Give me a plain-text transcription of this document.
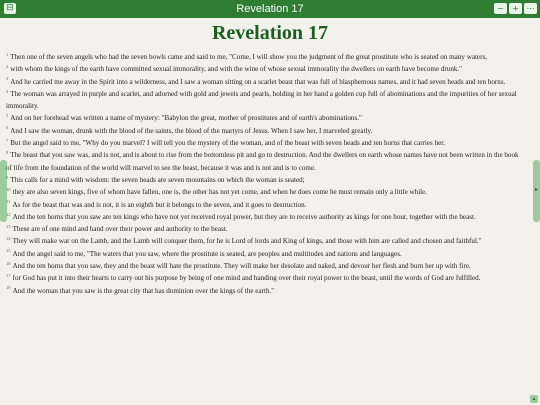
⊟	Revelation 17	−	+ ⋯
Revelation 17
▸
$^1$ Then one of the seven angels who had the seven bowls came and said to me, "Come, I will show you the judgment of the great prostitute who is seated on many waters,
$^2$ with whom the kings of the earth have committed sexual immorality, and with the wine of whose sexual immorality the dwellers on earth have become drunk."
$^3$ And he carried me away in the Spirit into a wilderness, and I saw a woman sitting on a scarlet beast that was full of blasphemous names, and it had seven heads and ten horns.
$^4$ The woman was arrayed in purple and scarlet, and adorned with gold and jewels and pearls, holding in her hand a golden cup full of abominations and the impurities of her sexual immorality.
$^5$ And on her forehead was written a name of mystery: "Babylon the great, mother of prostitutes and of earth's abominations."
$^6$ And I saw the woman, drunk with the blood of the saints, the blood of the martyrs of Jesus. When I saw her, I marveled greatly.
$^7$ But the angel said to me, "Why do you marvel? I will tell you the mystery of the woman, and of the beast with seven heads and ten horns that carries her.
$^8$ The beast that you saw was, and is not, and is about to rise from the bottomless pit and go to destruction. And the dwellers on earth whose names have not been written in the book of life from the foundation of the world will marvel to see the beast, because it was and is not and is to come.
$^9$ This calls for a mind with wisdom: the seven heads are seven mountains on which the woman is seated;
$^{10}$ they are also seven kings, five of whom have fallen, one is, the other has not yet come, and when he does come he must remain only a little while.
$^{11}$ As for the beast that was and is not, it is an eighth but it belongs to the seven, and it goes to destruction.
$^{12}$ And the ten horns that you saw are ten kings who have not yet received royal power, but they are to receive authority as kings for one hour, together with the beast.
$^{13}$ These are of one mind and hand over their power and authority to the beast.
$^{14}$ They will make war on the Lamb, and the Lamb will conquer them, for he is Lord of lords and King of kings, and those with him are called and chosen and faithful."
$^{15}$ And the angel said to me, "The waters that you saw, where the prostitute is seated, are peoples and multitudes and nations and languages.
$^{16}$ And the ten horns that you saw, they and the beast will hate the prostitute. They will make her desolate and naked, and devour her flesh and burn her up with fire,
$^{17}$ for God has put it into their hearts to carry out his purpose by being of one mind and handing over their royal power to the beast, until the words of God are fulfilled.
$^{18}$ And the woman that you saw is the great city that has dominion over the kings of the earth."
▴
